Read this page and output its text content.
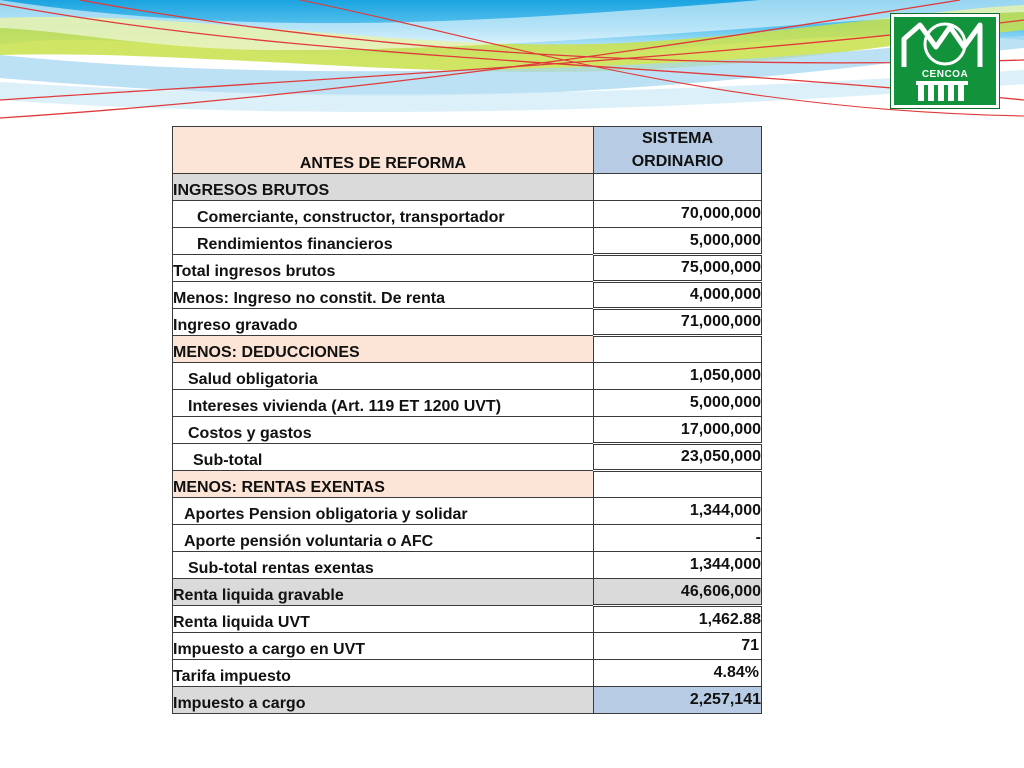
CENCOA
ANTES DE REFORMA	SISTEMA
ORDINARIO

INGRESOS BRUTOS	
Comerciante, constructor, transportador	70,000,000
Rendimientos financieros	5,000,000
Total ingresos brutos	75,000,000
Menos: Ingreso no constit. De renta	4,000,000
Ingreso gravado	71,000,000
MENOS: DEDUCCIONES	
Salud obligatoria	1,050,000
Intereses vivienda (Art. 119 ET 1200 UVT)	5,000,000
Costos y gastos	17,000,000
Sub-total	23,050,000
MENOS: RENTAS EXENTAS	
Aportes Pension obligatoria y solidar	1,344,000
Aporte pensión voluntaria o AFC	-
Sub-total rentas exentas	1,344,000
Renta liquida gravable	46,606,000
Renta liquida UVT	1,462.88
Impuesto a cargo en UVT	71
Tarifa impuesto	4.84%
Impuesto a cargo	2,257,141
